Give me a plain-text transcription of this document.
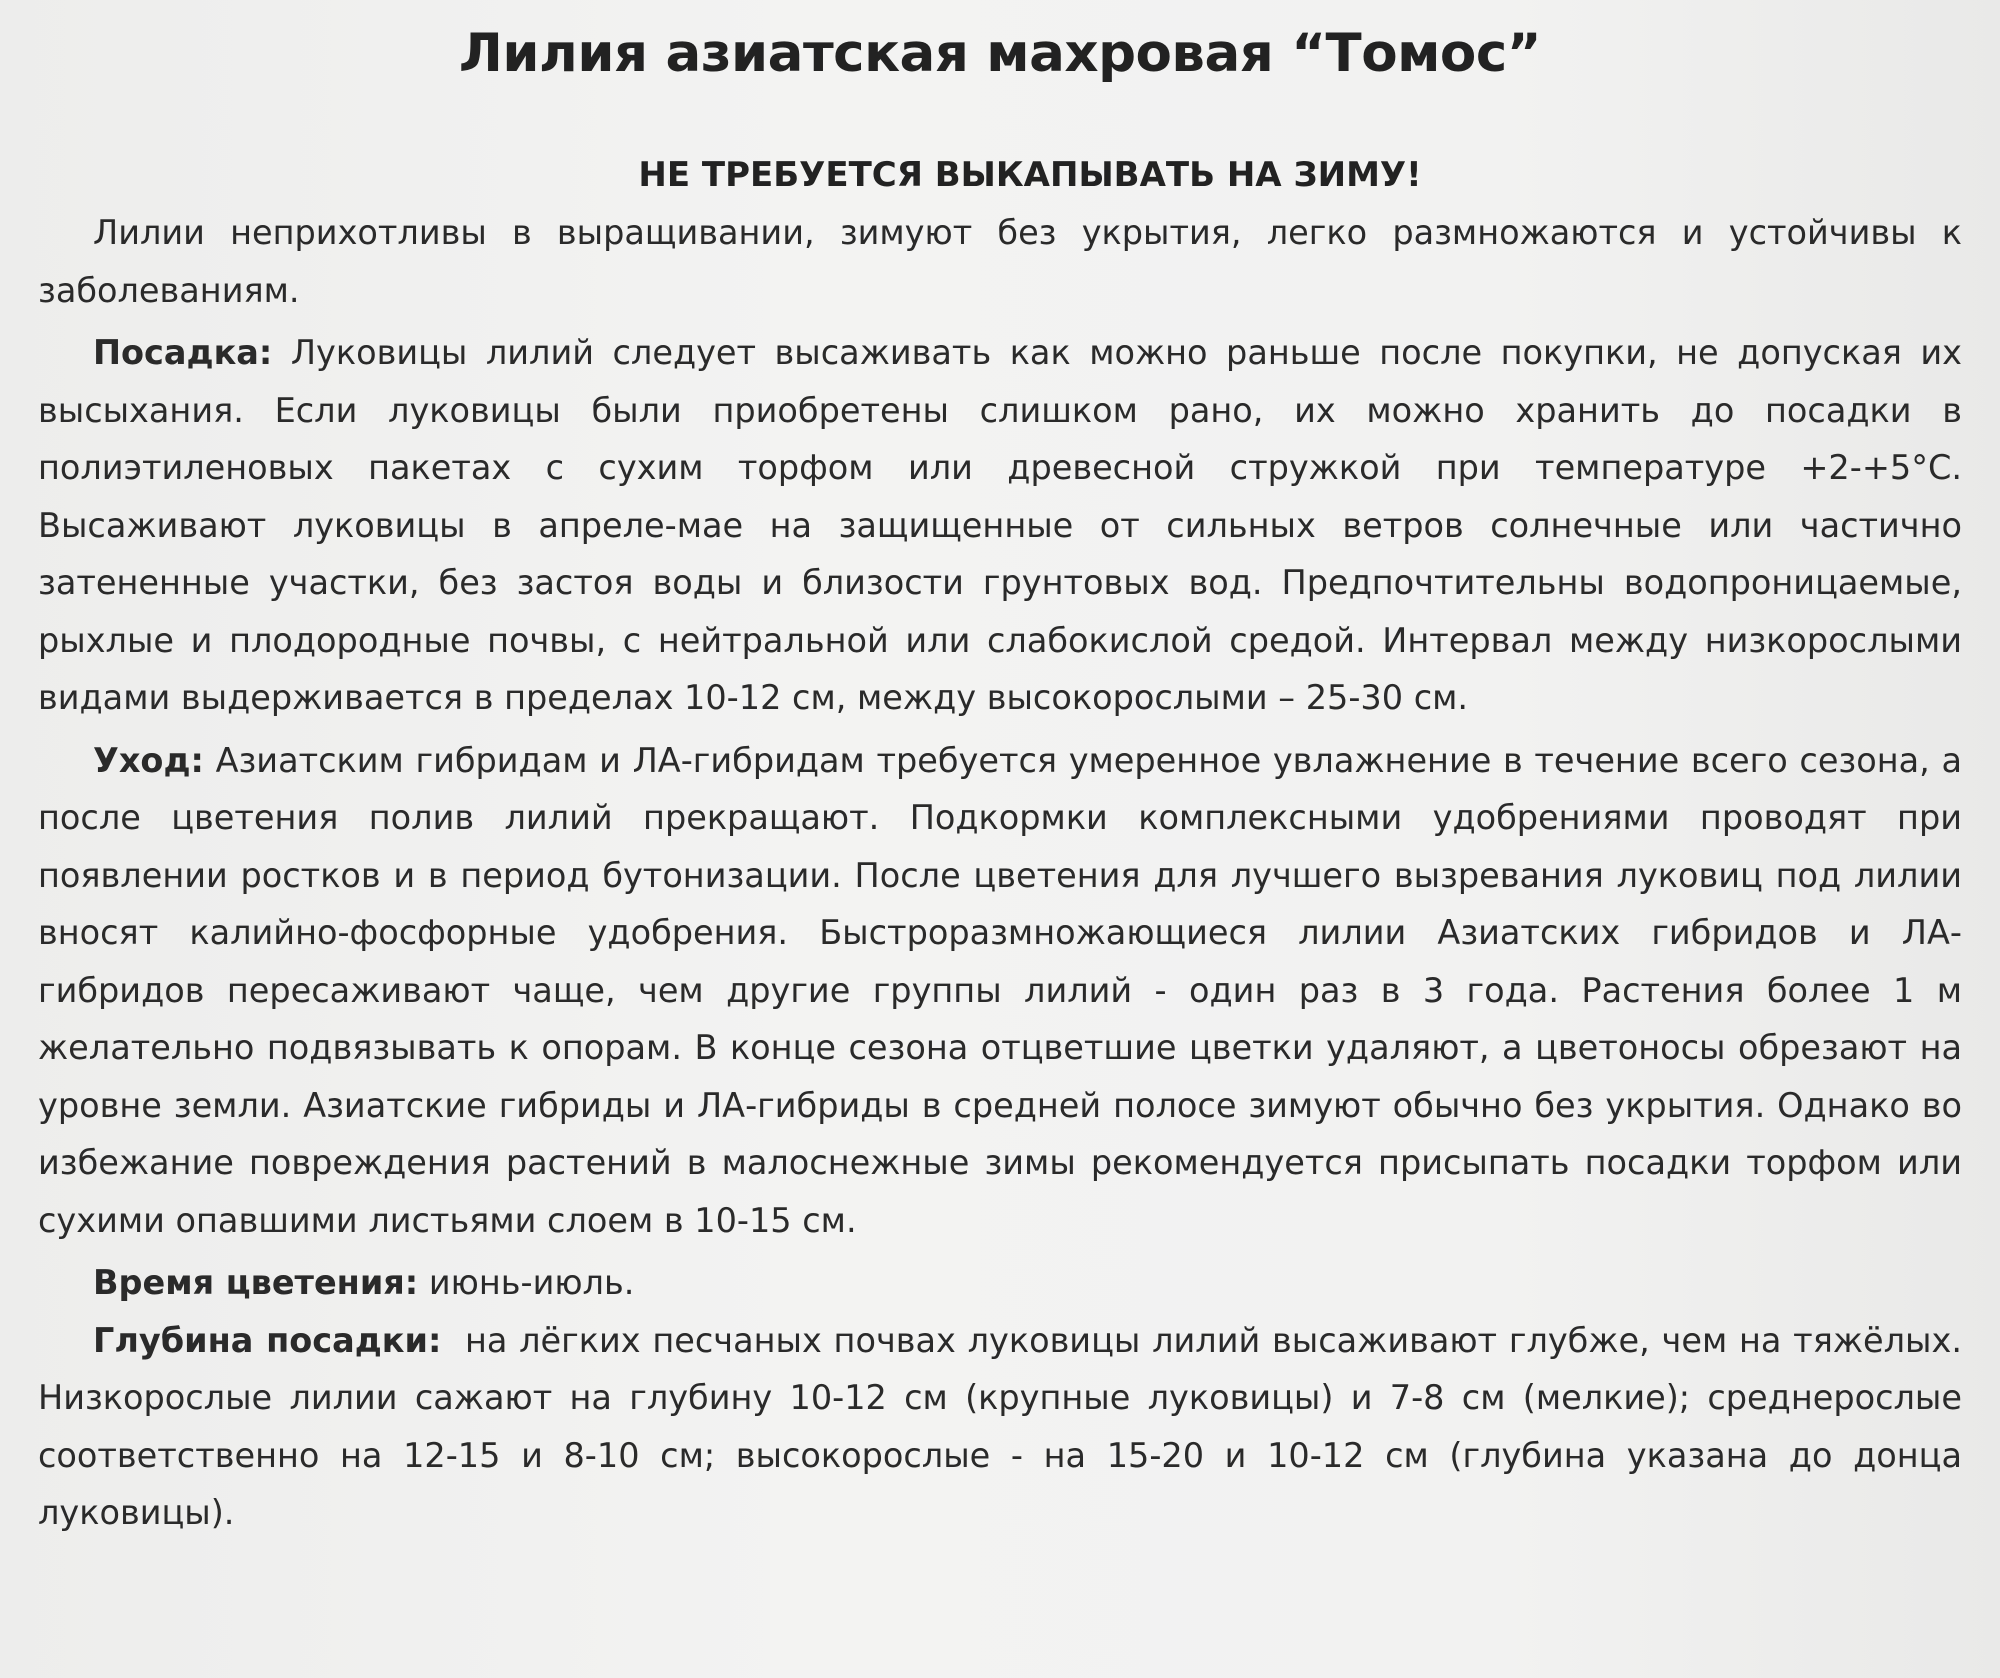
Лилия азиатская махровая “Томос”
НЕ ТРЕБУЕТСЯ ВЫКАПЫВАТЬ НА ЗИМУ!

Лилии неприхотливы в выращивании, зимуют без укрытия, легко размножаются и устойчивы к заболеваниям.

Посадка: Луковицы лилий следует высаживать как можно раньше после покупки, не допуская их высыхания. Если луковицы были приобретены слишком рано, их можно хранить до посадки в полиэтиленовых пакетах с сухим торфом или древесной стружкой при температуре +2-+5°С. Высаживают луковицы в апреле-мае на защищенные от сильных ветров солнечные или частично затененные участки, без застоя воды и близости грунтовых вод. Предпочтительны водопроницаемые, рыхлые и плодородные почвы, с нейтральной или слабокислой средой. Интервал между низкорослыми видами выдерживается в пределах 10-12 см, между высокорослыми – 25-30 см.

Уход: Азиатским гибридам и ЛА-гибридам требуется умеренное увлажнение в течение всего сезона, а после цветения полив лилий прекращают. Подкормки комплексными удобрениями проводят при появлении ростков и в период бутонизации. После цветения для лучшего вызревания луковиц под лилии вносят калийно-фосфорные удобрения. Быстроразмножающиеся лилии Азиатских гибридов и ЛА-гибридов пересаживают чаще, чем другие группы лилий - один раз в 3 года. Растения более 1 м желательно подвязывать к опорам. В конце сезона отцветшие цветки удаляют, а цветоносы обрезают на уровне земли. Азиатские гибриды и ЛА-гибриды в средней полосе зимуют обычно без укрытия. Однако во избежание повреждения растений в малоснежные зимы рекомендуется присыпать посадки торфом или сухими опавшими листьями слоем в 10-15 см.

Время цветения: июнь-июль.

Глубина посадки: на лёгких песчаных почвах луковицы лилий высаживают глубже, чем на тяжёлых. Низкорослые лилии сажают на глубину 10-12 см (крупные луковицы) и 7-8 см (мелкие); среднерослые соответственно на 12-15 и 8-10 см; высокорослые - на 15-20 и 10-12 см (глубина указана до донца луковицы).
